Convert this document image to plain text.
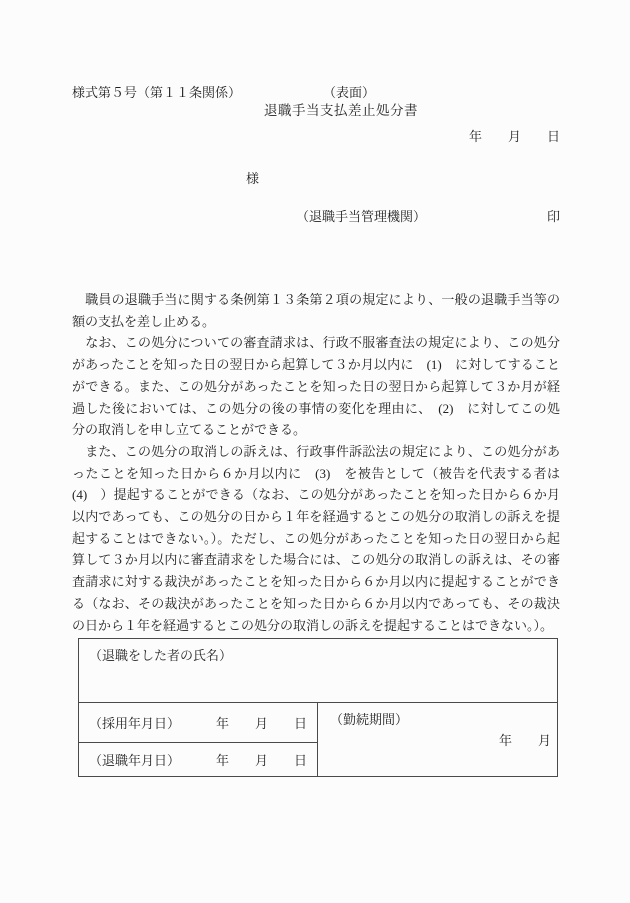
様式第５号（第１１条関係）	（表面）
退職手当支払差止処分書
年　　月　　日
様
（退職手当管理機関）	印

　職員の退職手当に関する条例第１３条第２項の規定により、一般の退職手当等の額の支払を差し止める。

　なお、この処分についての審査請求は、行政不服審査法の規定により、この処分があったことを知った日の翌日から起算して３か月以内に　(1)　に対してすることができる。また、この処分があったことを知った日の翌日から起算して３か月が経過した後においては、この処分の後の事情の変化を理由に、　(2)　に対してこの処分の取消しを申し立てることができる。

　また、この処分の取消しの訴えは、行政事件訴訟法の規定により、この処分があったことを知った日から６か月以内に　(3)　を被告として（被告を代表する者は　(4)　）提起することができる（なお、この処分があったことを知った日から６か月以内であっても、この処分の日から１年を経過するとこの処分の取消しの訴えを提起することはできない。）。ただし、この処分があったことを知った日の翌日から起算して３か月以内に審査請求をした場合には、この処分の取消しの訴えは、その審査請求に対する裁決があったことを知った日から６か月以内に提起することができる（なお、その裁決があったことを知った日から６か月以内であっても、その裁決の日から１年を経過するとこの処分の取消しの訴えを提起することはできない。）。

（退職をした者の氏名）

（採用年月日）	年　　月　　日	（勤続期間）
年　　月

（退職年月日）	年　　月　　日
